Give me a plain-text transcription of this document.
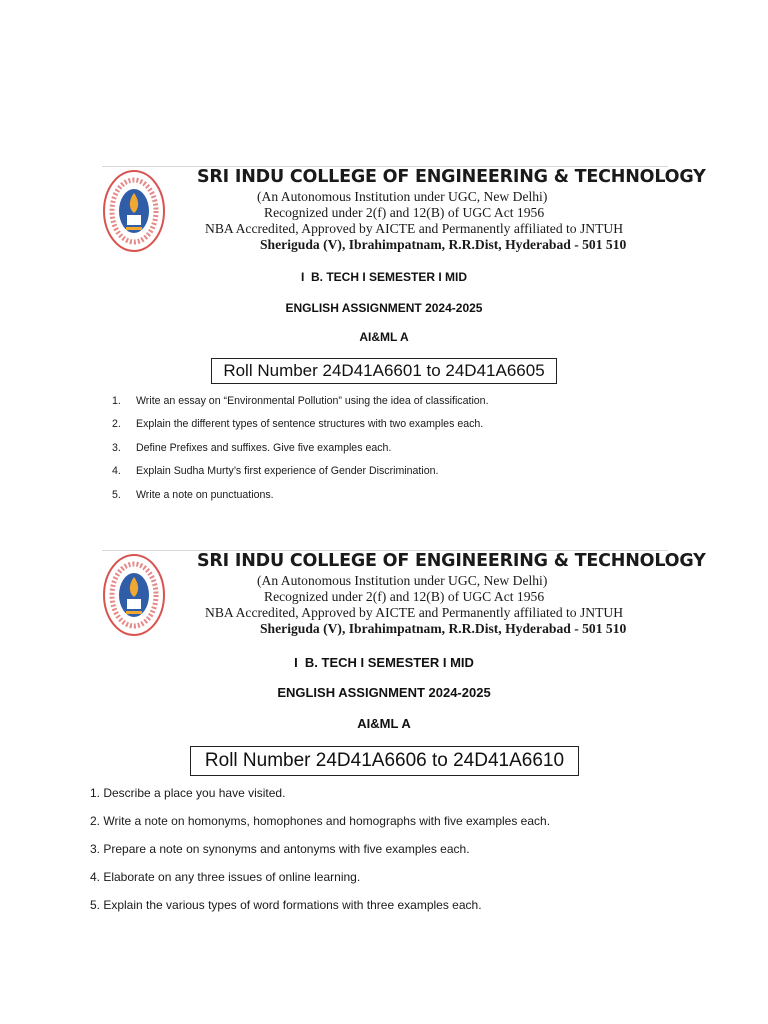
SRI INDU COLLEGE OF ENGINEERING & TECHNOLOGY
(An Autonomous Institution under UGC, New Delhi)
Recognized under 2(f) and 12(B) of UGC Act 1956
NBA Accredited, Approved by AICTE and Permanently affiliated to JNTUH
Sheriguda (V), Ibrahimpatnam, R.R.Dist, Hyderabad - 501 510
I  B. TECH I SEMESTER I MID
ENGLISH ASSIGNMENT 2024-2025
AI&ML A
Roll Number 24D41A6601 to 24D41A6605
1. Write an essay on “Environmental Pollution” using the idea of classification.
2. Explain the different types of sentence structures with two examples each.
3. Define Prefixes and suffixes. Give five examples each.
4. Explain Sudha Murty’s first experience of Gender Discrimination.
5. Write a note on punctuations.
SRI INDU COLLEGE OF ENGINEERING & TECHNOLOGY
(An Autonomous Institution under UGC, New Delhi)
Recognized under 2(f) and 12(B) of UGC Act 1956
NBA Accredited, Approved by AICTE and Permanently affiliated to JNTUH
Sheriguda (V), Ibrahimpatnam, R.R.Dist, Hyderabad - 501 510
I  B. TECH I SEMESTER I MID
ENGLISH ASSIGNMENT 2024-2025
AI&ML A
Roll Number 24D41A6606 to 24D41A6610
1. Describe a place you have visited.
2. Write a note on homonyms, homophones and homographs with five examples each.
3. Prepare a note on synonyms and antonyms with five examples each.
4. Elaborate on any three issues of online learning.
5. Explain the various types of word formations with three examples each.
